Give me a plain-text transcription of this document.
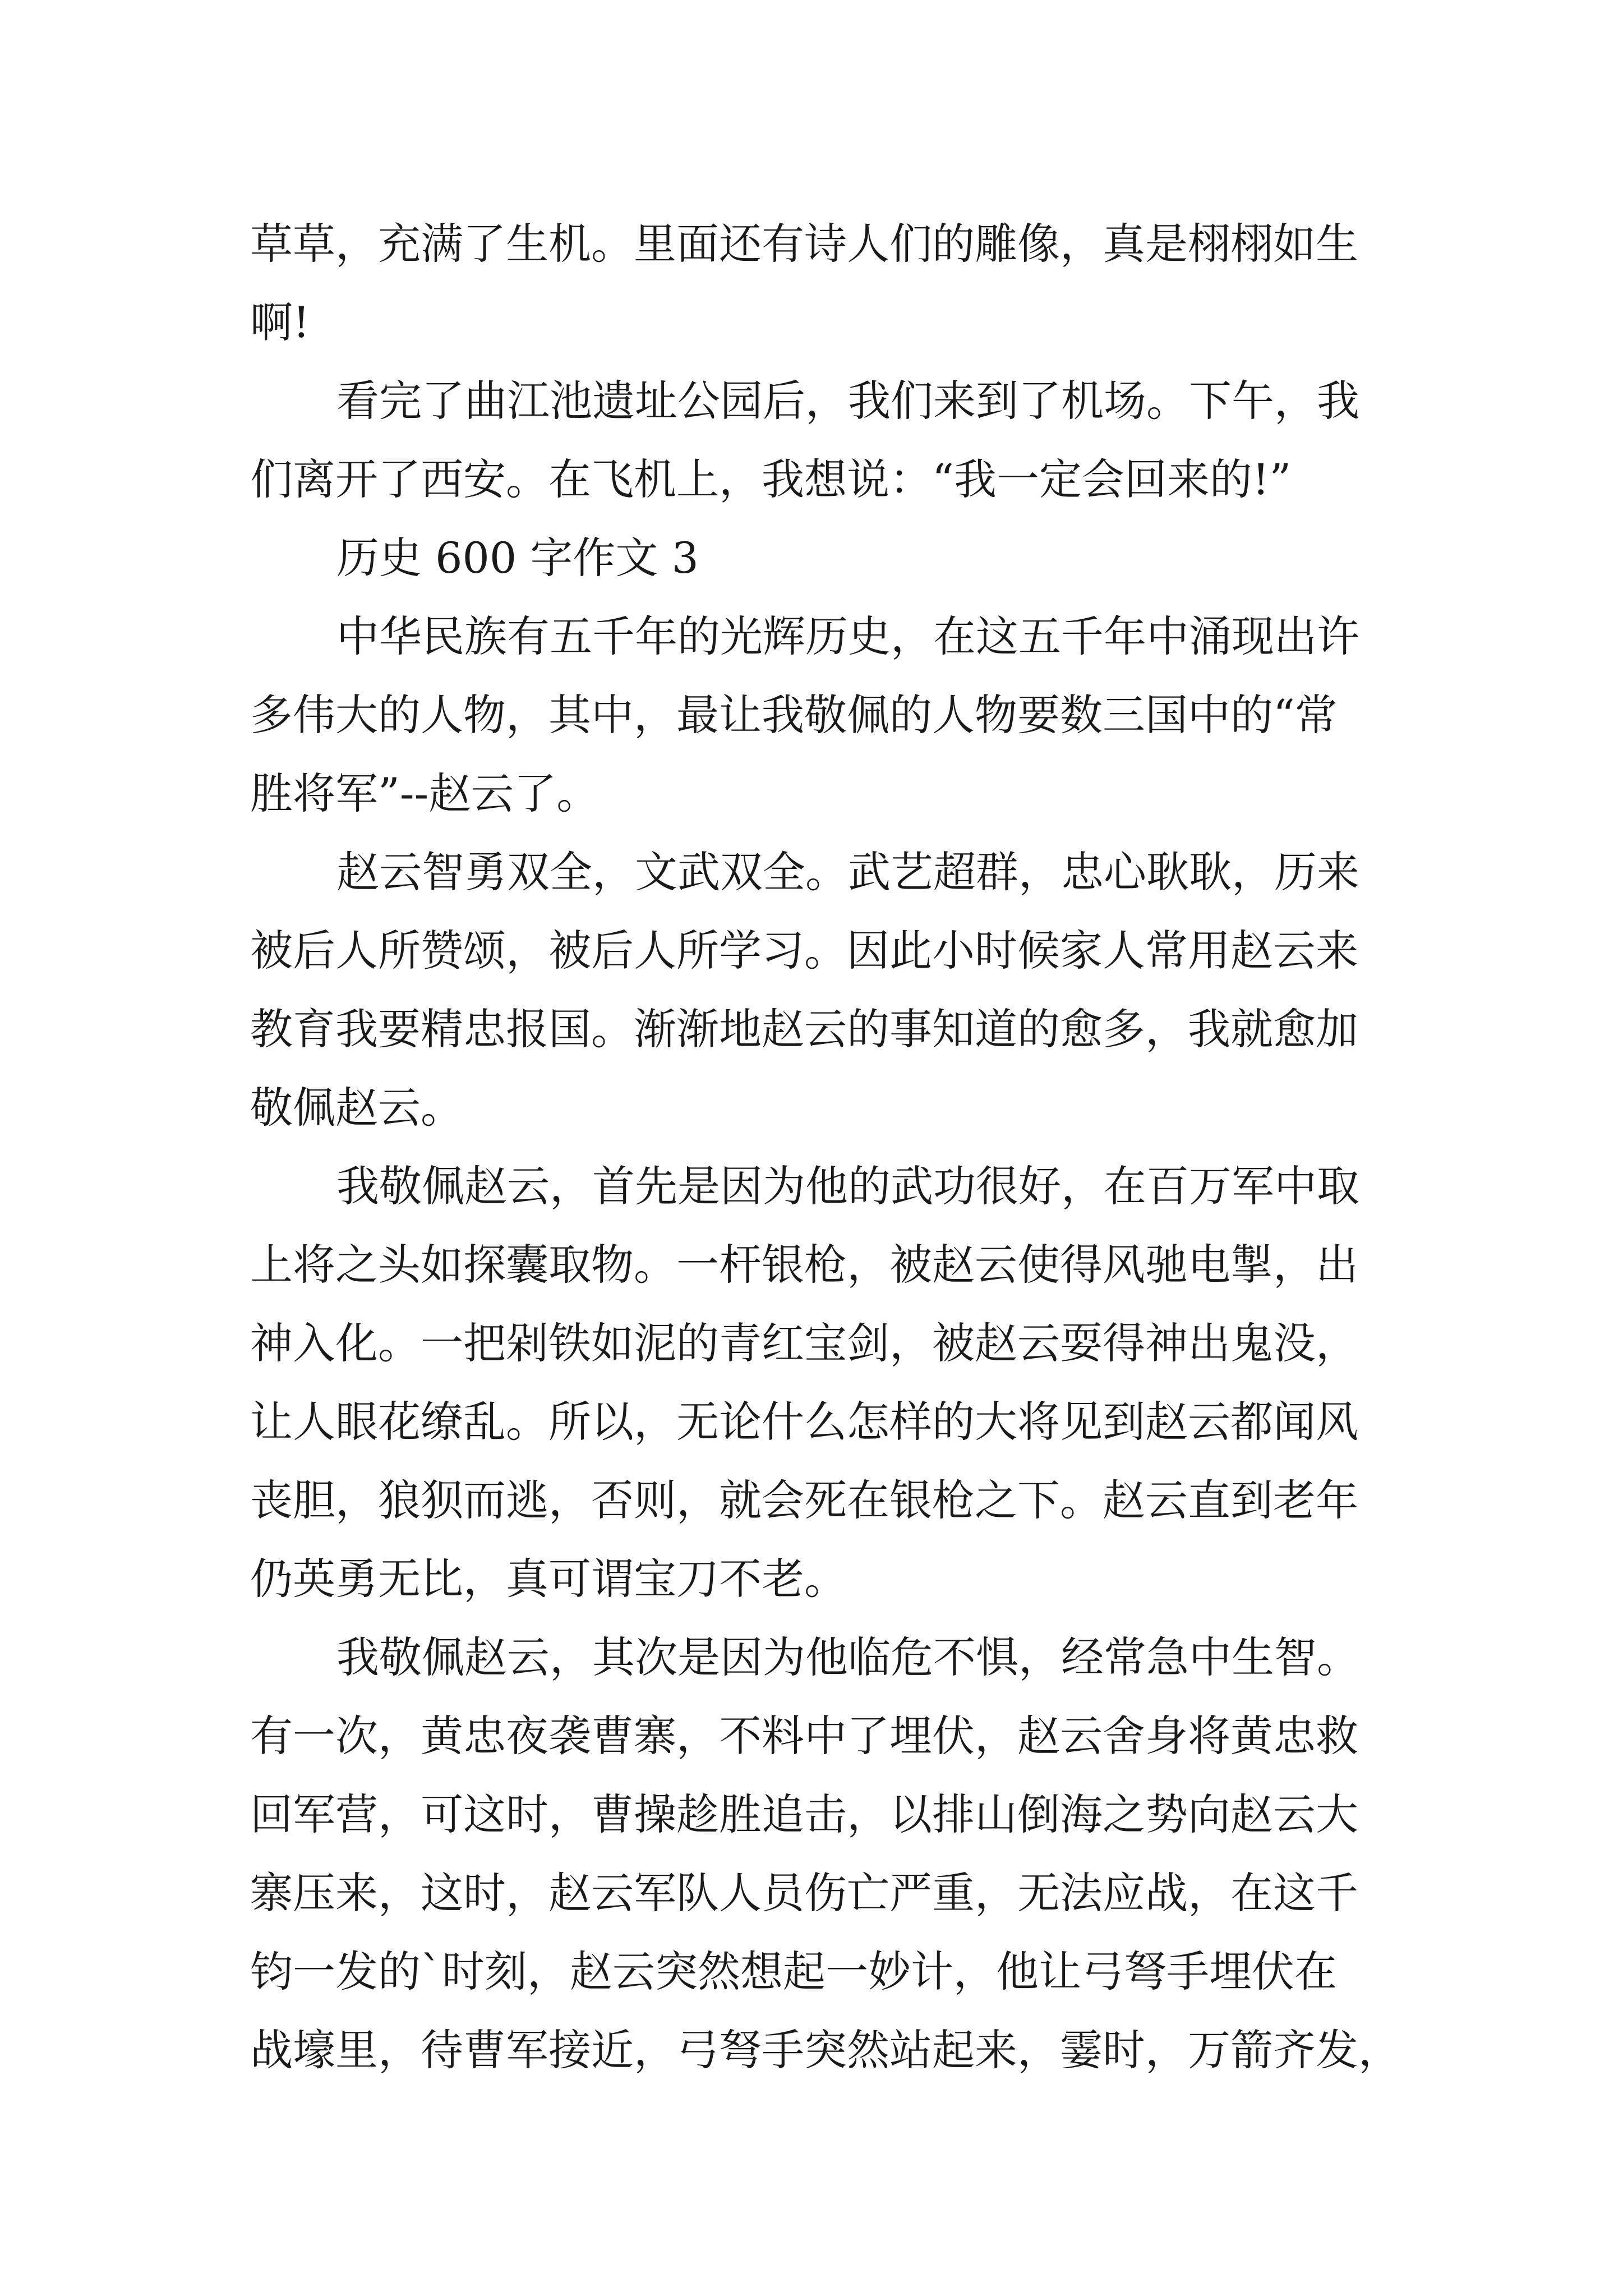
草草，充满了生机。里面还有诗人们的雕像，真是栩栩如生
啊!
看完了曲江池遗址公园后，我们来到了机场。下午，我
们离开了西安。在飞机上，我想说：“我一定会回来的!”
历史 600 字作文 3
中华民族有五千年的光辉历史，在这五千年中涌现出许
多伟大的人物，其中，最让我敬佩的人物要数三国中的“常
胜将军”--赵云了。
赵云智勇双全，文武双全。武艺超群，忠心耿耿，历来
被后人所赞颂，被后人所学习。因此小时候家人常用赵云来
教育我要精忠报国。渐渐地赵云的事知道的愈多，我就愈加
敬佩赵云。
我敬佩赵云，首先是因为他的武功很好，在百万军中取
上将之头如探囊取物。一杆银枪，被赵云使得风驰电掣，出
神入化。一把剁铁如泥的青红宝剑，被赵云耍得神出鬼没，
让人眼花缭乱。所以，无论什么怎样的大将见到赵云都闻风
丧胆，狼狈而逃，否则，就会死在银枪之下。赵云直到老年
仍英勇无比，真可谓宝刀不老。
我敬佩赵云，其次是因为他临危不惧，经常急中生智。
有一次，黄忠夜袭曹寨，不料中了埋伏，赵云舍身将黄忠救
回军营，可这时，曹操趁胜追击，以排山倒海之势向赵云大
寨压来，这时，赵云军队人员伤亡严重，无法应战，在这千
钧一发的`时刻，赵云突然想起一妙计，他让弓弩手埋伏在
战壕里，待曹军接近，弓弩手突然站起来，霎时，万箭齐发，
